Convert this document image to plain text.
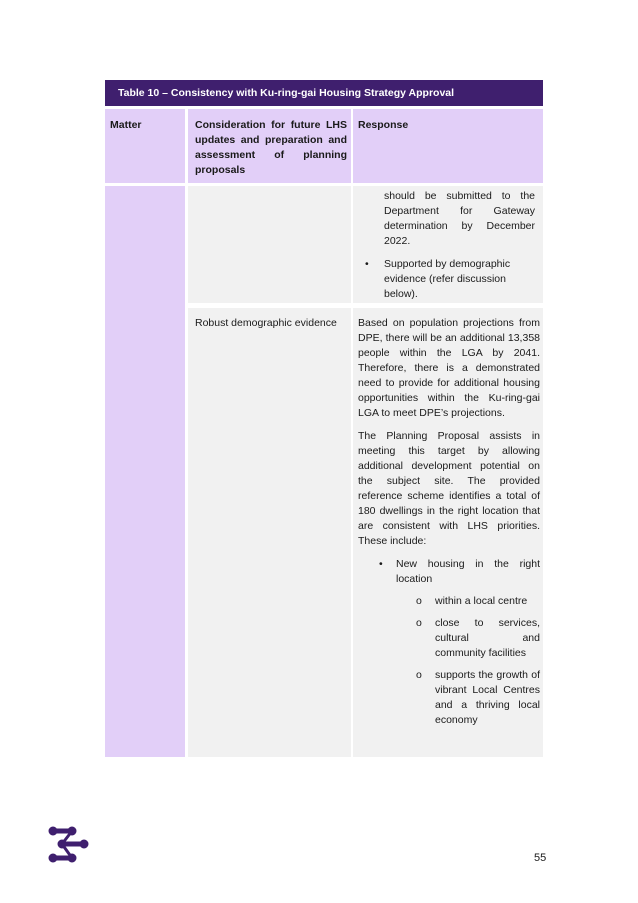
Table 10 – Consistency with Ku-ring-gai Housing Strategy Approval
Matter	Consideration for future LHS updates and preparation and assessment of planning proposals
Response
should be submitted to the Department for Gateway determination by December 2022.
• Supported by demographic evidence (refer discussion below).
Robust demographic evidence	Based on population projections from DPE, there will be an additional 13,358 people within the LGA by 2041. Therefore, there is a demonstrated need to provide for additional housing opportunities within the Ku-ring-gai LGA to meet DPE’s projections.
The Planning Proposal assists in meeting this target by allowing additional development potential on the subject site. The provided reference scheme identifies a total of 180 dwellings in the right location that are consistent with LHS priorities. These include:
• New housing in the right location
o within a local centre
o close to services, cultural and community facilities
o supports the growth of vibrant Local Centres and a thriving local economy
55
